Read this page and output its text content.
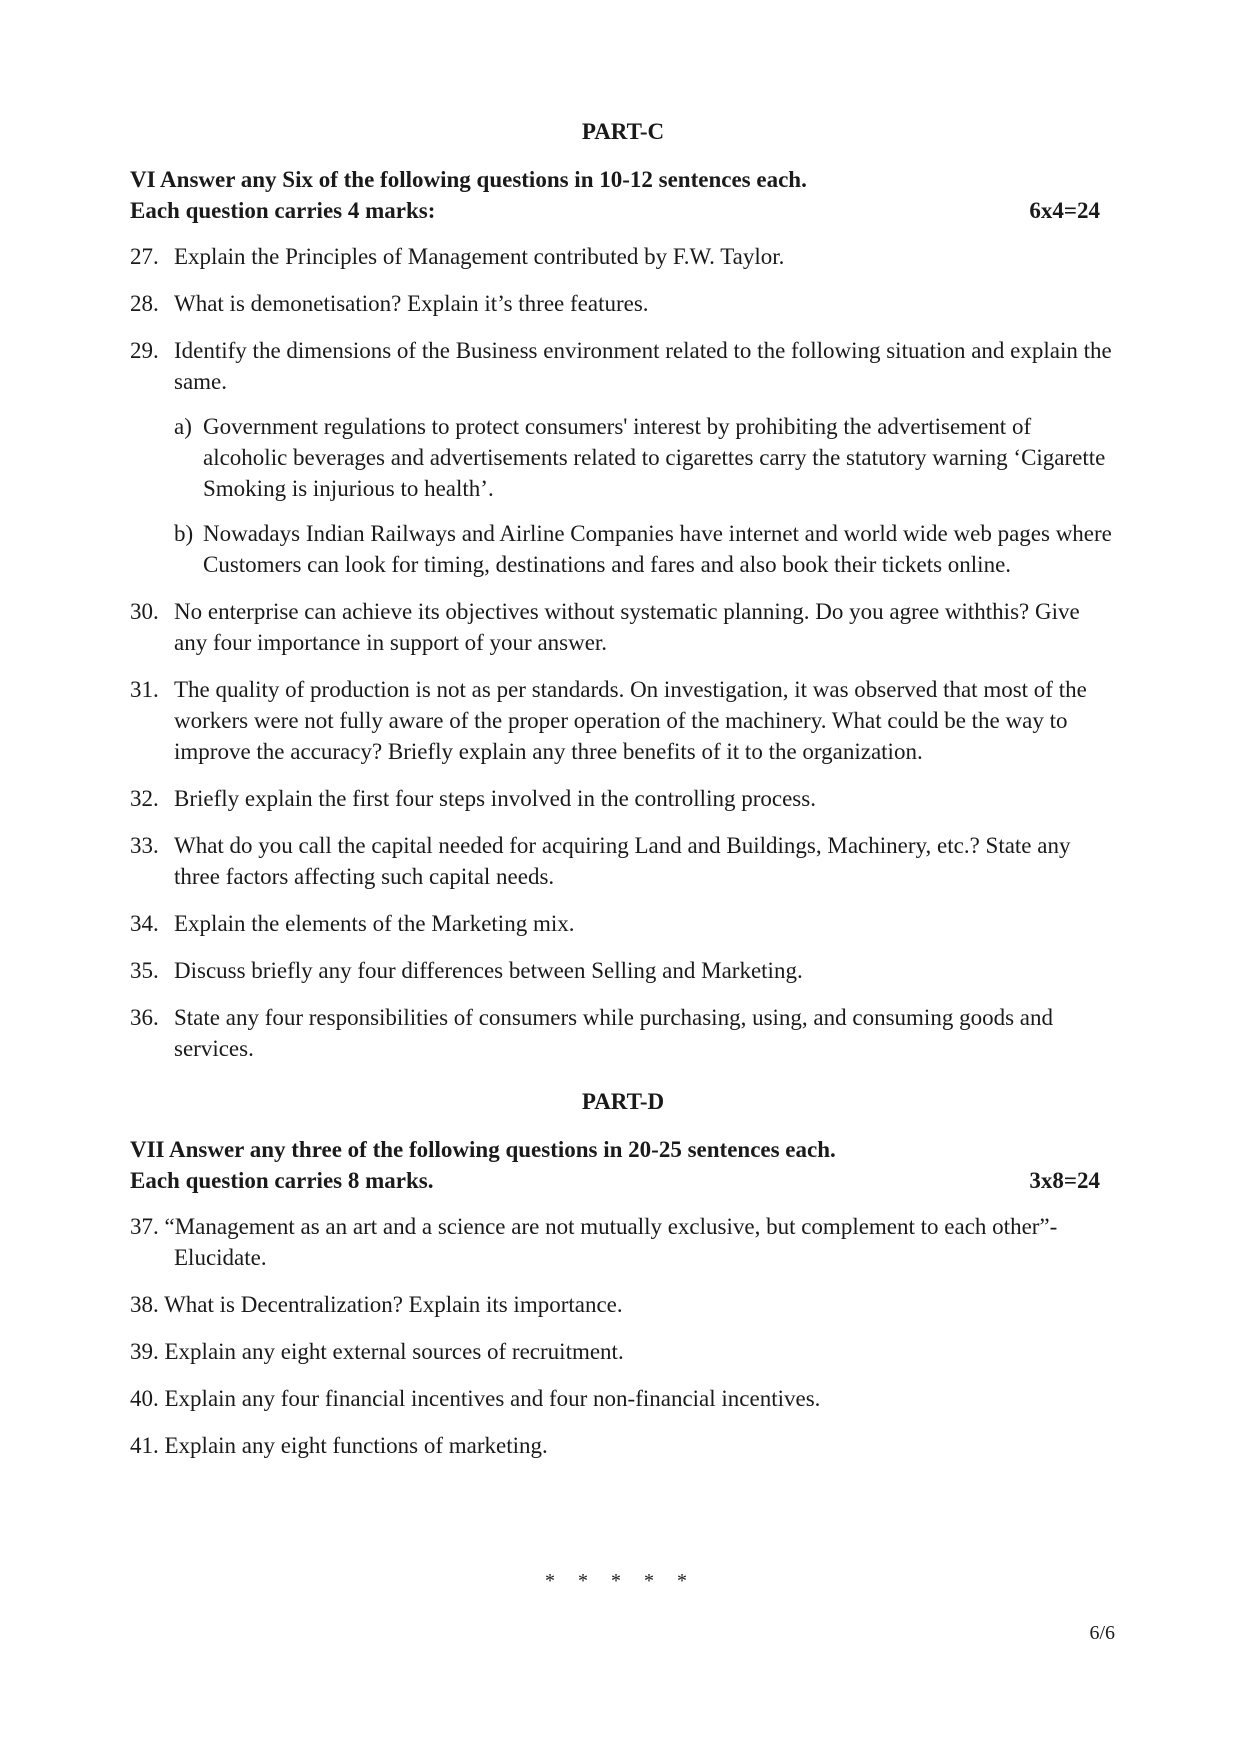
PART-C
VI Answer any Six of the following questions in 10-12 sentences each.
Each question carries 4 marks:	6x4=24
27. Explain the Principles of Management contributed by F.W. Taylor.
28. What is demonetisation? Explain it’s three features.
29. Identify the dimensions of the Business environment related to the following situation and explain the same.
a) Government regulations to protect consumers' interest by prohibiting the advertisement of alcoholic beverages and advertisements related to cigarettes carry the statutory warning ‘Cigarette Smoking is injurious to health’.
b) Nowadays Indian Railways and Airline Companies have internet and world wide web pages where Customers can look for timing, destinations and fares and also book their tickets online.
30. No enterprise can achieve its objectives without systematic planning. Do you agree withthis? Give any four importance in support of your answer.
31. The quality of production is not as per standards. On investigation, it was observed that most of the workers were not fully aware of the proper operation of the machinery. What could be the way to improve the accuracy? Briefly explain any three benefits of it to the organization.
32. Briefly explain the first four steps involved in the controlling process.
33. What do you call the capital needed for acquiring Land and Buildings, Machinery, etc.? State any three factors affecting such capital needs.
34. Explain the elements of the Marketing mix.
35. Discuss briefly any four differences between Selling and Marketing.
36. State any four responsibilities of consumers while purchasing, using, and consuming goods and services.
PART-D
VII Answer any three of the following questions in 20-25 sentences each.
Each question carries 8 marks.	3x8=24
37. “Management as an art and a science are not mutually exclusive, but complement to each other”- Elucidate.
38. What is Decentralization? Explain its importance.
39. Explain any eight external sources of recruitment.
40. Explain any four financial incentives and four non-financial incentives.
41. Explain any eight functions of marketing.
* * * * *
6/6
